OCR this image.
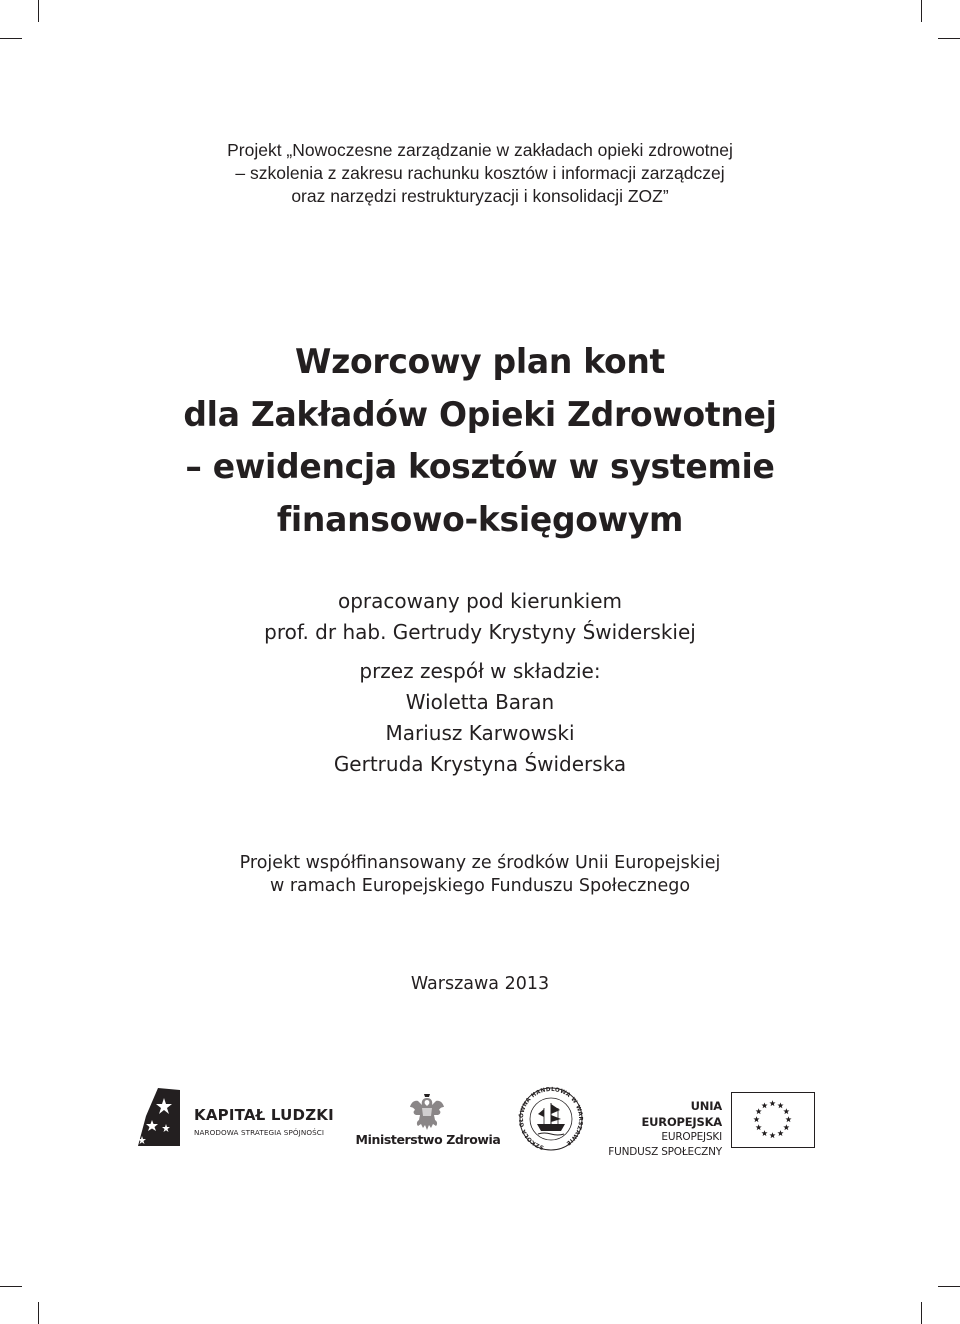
Projekt „Nowoczesne zarządzanie w zakładach opieki zdrowotnej
– szkolenia z zakresu rachunku kosztów i informacji zarządczej
oraz narzędzi restrukturyzacji i konsolidacji ZOZ”
Wzorcowy plan kont
dla Zakładów Opieki Zdrowotnej
– ewidencja kosztów w systemie
finansowo-księgowym
opracowany pod kierunkiem
prof. dr hab. Gertrudy Krystyny Świderskiej
przez zespół w składzie:
Wioletta Baran
Mariusz Karwowski
Gertruda Krystyna Świderska
Projekt współfinansowany ze środków Unii Europejskiej
w ramach Europejskiego Funduszu Społecznego
Warszawa 2013
KAPITAŁ LUDZKI
NARODOWA STRATEGIA SPÓJNOŚCI	Ministerstwo Zdrowia	SZKOŁA GŁÓWNA HANDLOWA W WARSZAWIE
UNIA EUROPEJSKA
EUROPEJSKI
FUNDUSZ SPOŁECZNY
